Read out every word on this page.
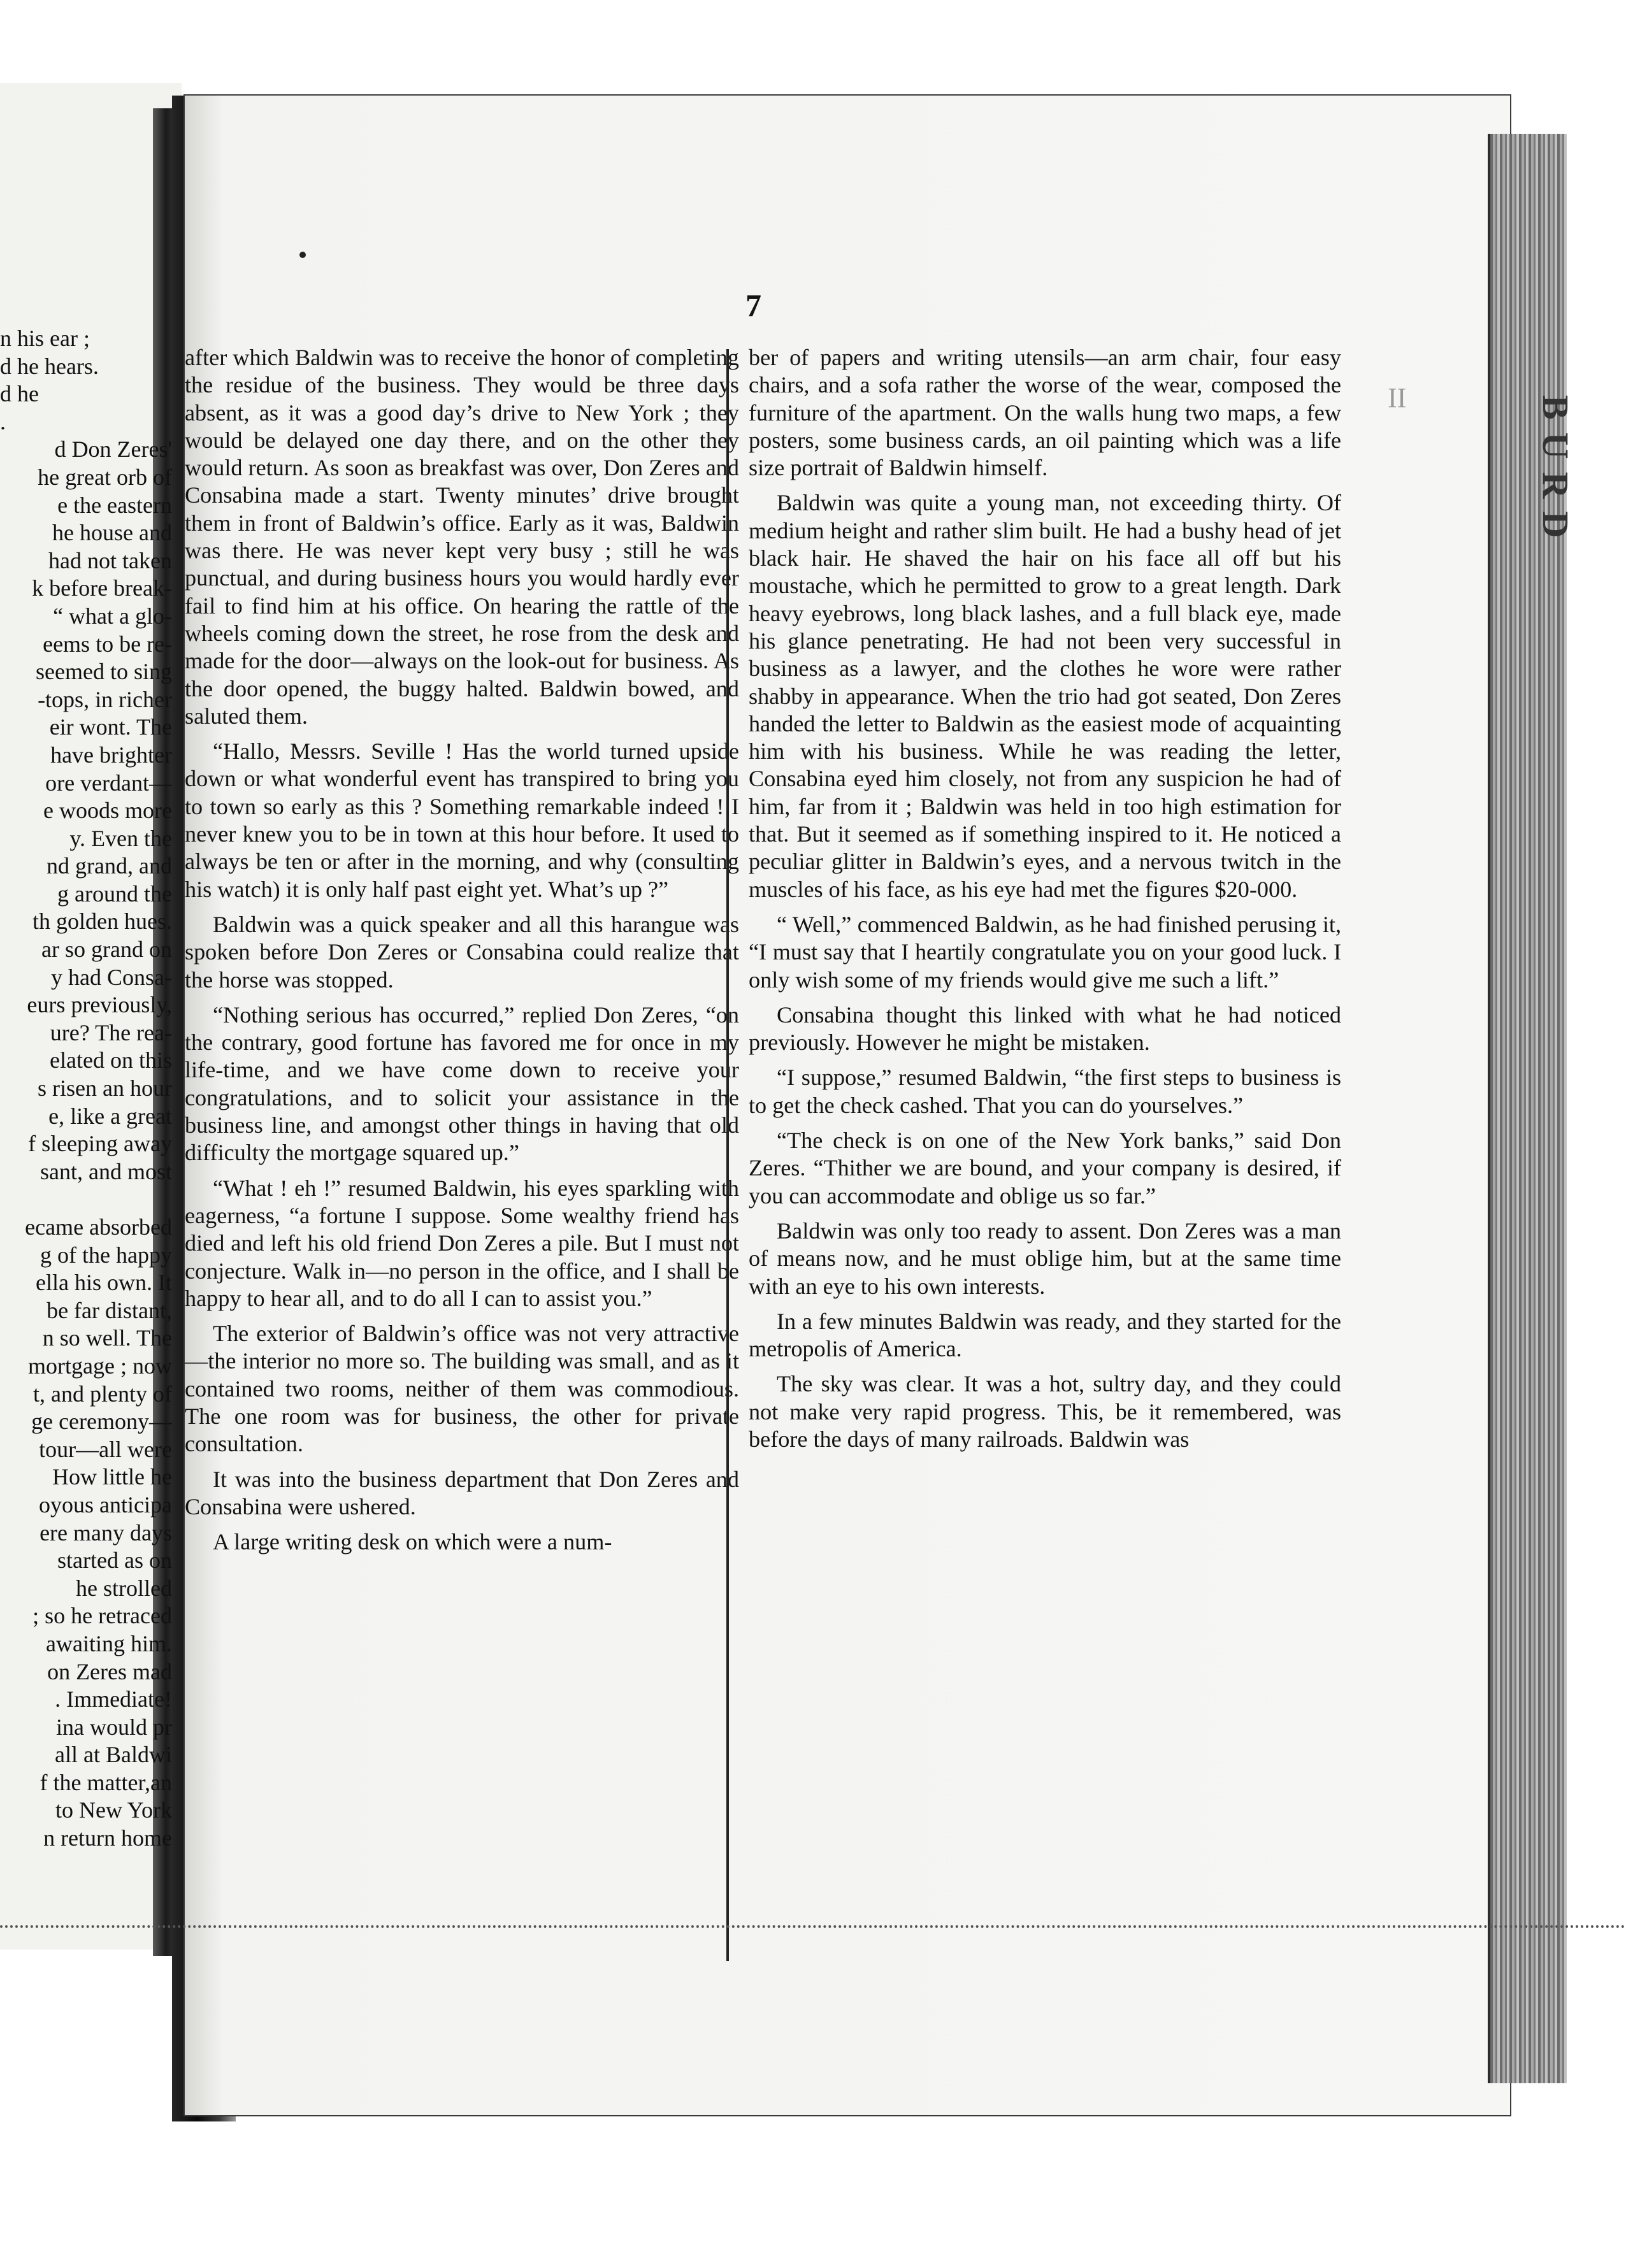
II
n his ear ;
d he hears.
d he
.
d Don Zeres'
he great orb of
e the eastern
he house and
had not taken
k before break-
“ what a glo-
eems to be re-
seemed to sing
-tops, in richer
eir wont. The
have brighter
ore verdant—
e woods more
y. Even the
nd grand, and
g around the
th golden hues.
ar so grand on
y had Consa-
eurs previously,
ure? The rea-
elated on this
s risen an hour
e, like a great
f sleeping away
sant, and most

ecame absorbed
g of the happy
ella his own. It
be far distant,
n so well. The
mortgage ; now
t, and plenty of
ge ceremony—
tour—all were
How little he
oyous anticipa
ere many days
started as on
he strolled
; so he retraced
awaiting him.
on Zeres mad
. Immediate!
ina would pr
all at Baldwi
f the matter,an
to New York
n return home
7

after which Baldwin was to receive the honor of completing the residue of the business. They would be three days absent, as it was a good day’s drive to New York ; they would be delayed one day there, and on the other they would return. As soon as breakfast was over, Don Zeres and Consabina made a start. Twenty minutes’ drive brought them in front of Baldwin’s office. Early as it was, Baldwin was there. He was never kept very busy ; still he was punctual, and during business hours you would hardly ever fail to find him at his office. On hearing the rattle of the wheels coming down the street, he rose from the desk and made for the door—always on the look-out for business. As the door opened, the buggy halted. Baldwin bowed, and saluted them.

“Hallo, Messrs. Seville ! Has the world turned upside down or what wonderful event has transpired to bring you to town so early as this ? Something remarkable indeed ! I never knew you to be in town at this hour before. It used to always be ten or after in the morning, and why (consulting his watch) it is only half past eight yet. What’s up ?”

Baldwin was a quick speaker and all this harangue was spoken before Don Zeres or Consabina could realize that the horse was stopped.

“Nothing serious has occurred,” replied Don Zeres, “on the contrary, good fortune has favored me for once in my life-time, and we have come down to receive your congratulations, and to solicit your assistance in the business line, and amongst other things in having that old difficulty the mortgage squared up.”

“What ! eh !” resumed Baldwin, his eyes sparkling with eagerness, “a fortune I suppose. Some wealthy friend has died and left his old friend Don Zeres a pile. But I must not conjecture. Walk in—no person in the office, and I shall be happy to hear all, and to do all I can to assist you.”

The exterior of Baldwin’s office was not very attractive—the interior no more so. The building was small, and as it contained two rooms, neither of them was commodious. The one room was for business, the other for private consultation.

It was into the business department that Don Zeres and Consabina were ushered.

A large writing desk on which were a num-

ber of papers and writing utensils—an arm chair, four easy chairs, and a sofa rather the worse of the wear, composed the furniture of the apartment. On the walls hung two maps, a few posters, some business cards, an oil painting which was a life size portrait of Baldwin himself.

Baldwin was quite a young man, not exceeding thirty. Of medium height and rather slim built. He had a bushy head of jet black hair. He shaved the hair on his face all off but his moustache, which he permitted to grow to a great length. Dark heavy eyebrows, long black lashes, and a full black eye, made his glance penetrating. He had not been very successful in business as a lawyer, and the clothes he wore were rather shabby in appearance. When the trio had got seated, Don Zeres handed the letter to Baldwin as the easiest mode of acquainting him with his business. While he was reading the letter, Consabina eyed him closely, not from any suspicion he had of him, far from it ; Baldwin was held in too high estimation for that. But it seemed as if something inspired to it. He noticed a peculiar glitter in Baldwin’s eyes, and a nervous twitch in the muscles of his face, as his eye had met the figures $20-000.

“ Well,” commenced Baldwin, as he had finished perusing it, “I must say that I heartily congratulate you on your good luck. I only wish some of my friends would give me such a lift.”

Consabina thought this linked with what he had noticed previously. However he might be mistaken.

“I suppose,” resumed Baldwin, “the first steps to business is to get the check cashed. That you can do yourselves.”

“The check is on one of the New York banks,” said Don Zeres. “Thither we are bound, and your company is desired, if you can accommodate and oblige us so far.”

Baldwin was only too ready to assent. Don Zeres was a man of means now, and he must oblige him, but at the same time with an eye to his own interests.

In a few minutes Baldwin was ready, and they started for the metropolis of America.

The sky was clear. It was a hot, sultry day, and they could not make very rapid progress. This, be it remembered, was before the days of many railroads. Baldwin was
